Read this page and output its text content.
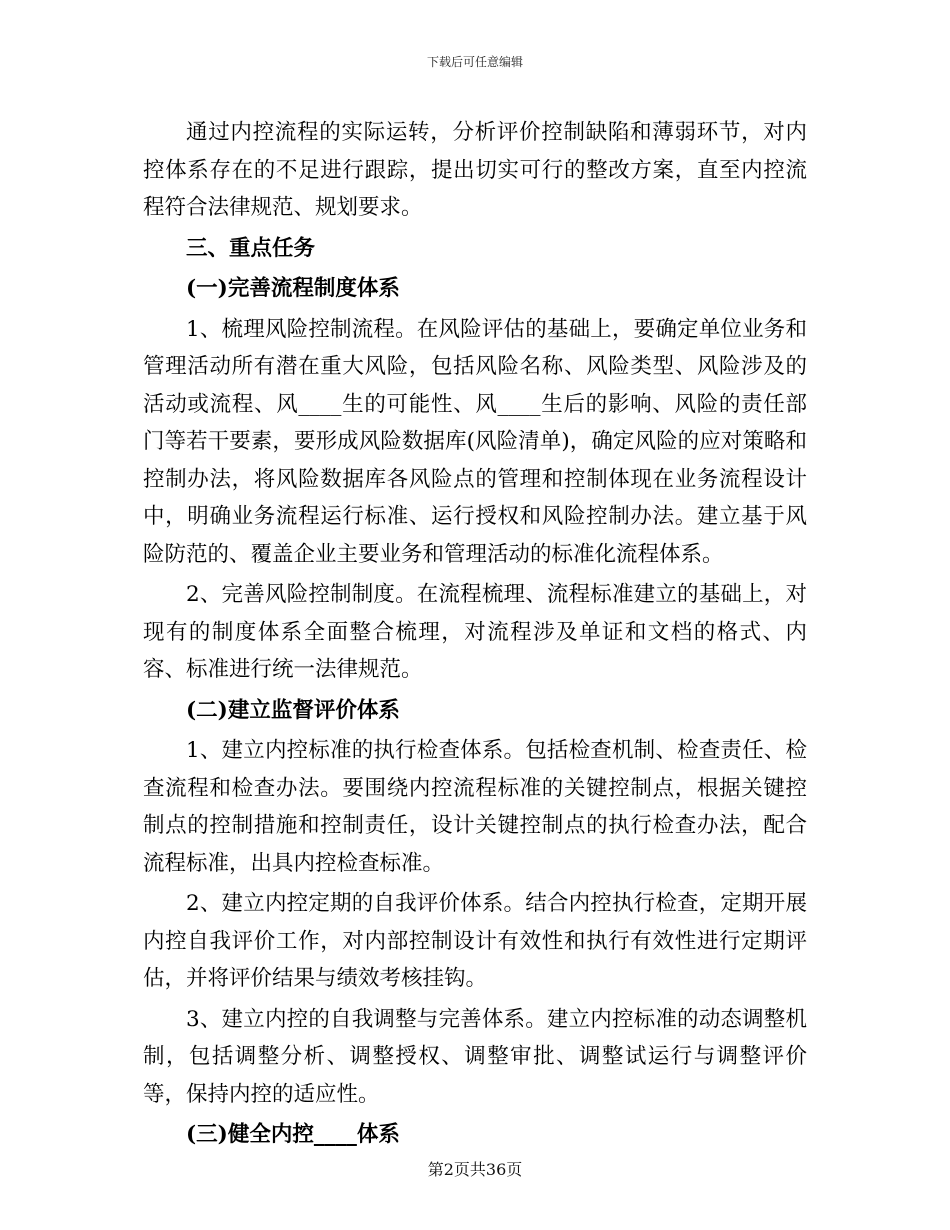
下载后可任意编辑

通过内控流程的实际运转，分析评价控制缺陷和薄弱环节，对内控体系存在的不足进行跟踪，提出切实可行的整改方案，直至内控流程符合法律规范、规划要求。

三、重点任务

(一)完善流程制度体系

1、梳理风险控制流程。在风险评估的基础上，要确定单位业务和管理活动所有潜在重大风险，包括风险名称、风险类型、风险涉及的活动或流程、风____生的可能性、风____生后的影响、风险的责任部门等若干要素，要形成风险数据库(风险清单)，确定风险的应对策略和控制办法，将风险数据库各风险点的管理和控制体现在业务流程设计中，明确业务流程运行标准、运行授权和风险控制办法。建立基于风险防范的、覆盖企业主要业务和管理活动的标准化流程体系。

2、完善风险控制制度。在流程梳理、流程标准建立的基础上，对现有的制度体系全面整合梳理，对流程涉及单证和文档的格式、内容、标准进行统一法律规范。

(二)建立监督评价体系

1、建立内控标准的执行检查体系。包括检查机制、检查责任、检查流程和检查办法。要围绕内控流程标准的关键控制点，根据关键控制点的控制措施和控制责任，设计关键控制点的执行检查办法，配合流程标准，出具内控检查标准。

2、建立内控定期的自我评价体系。结合内控执行检查，定期开展内控自我评价工作，对内部控制设计有效性和执行有效性进行定期评估，并将评价结果与绩效考核挂钩。

3、建立内控的自我调整与完善体系。建立内控标准的动态调整机制，包括调整分析、调整授权、调整审批、调整试运行与调整评价等，保持内控的适应性。

(三)健全内控____体系

第2页共36页
